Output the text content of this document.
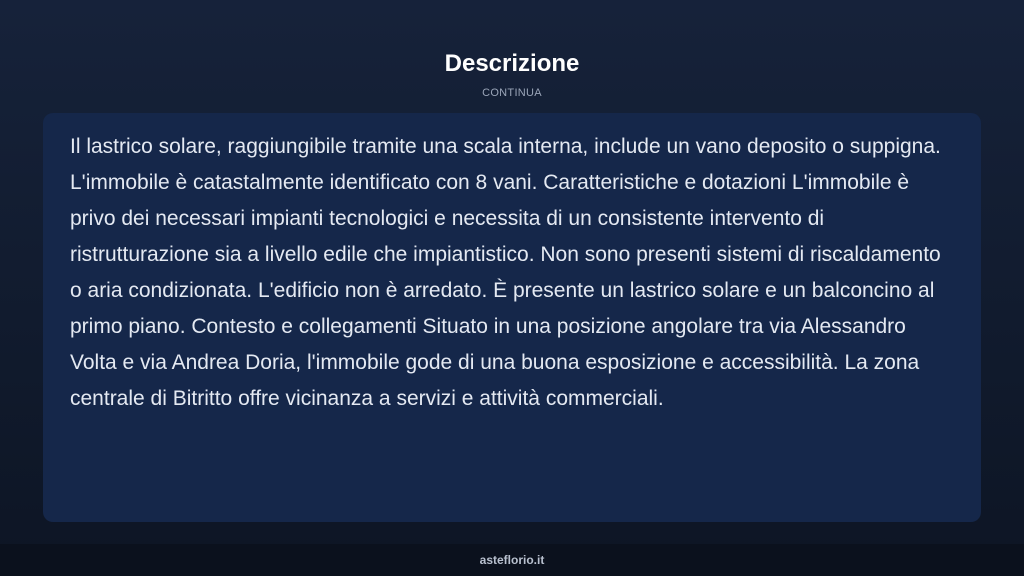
Descrizione
CONTINUA

Il lastrico solare, raggiungibile tramite una scala interna, include un vano deposito o suppigna. L'immobile è catastalmente identificato con 8 vani. Caratteristiche e dotazioni L'immobile è privo dei necessari impianti tecnologici e necessita di un consistente intervento di ristrutturazione sia a livello edile che impiantistico. Non sono presenti sistemi di riscaldamento o aria condizionata. L'edificio non è arredato. È presente un lastrico solare e un balconcino al primo piano. Contesto e collegamenti Situato in una posizione angolare tra via Alessandro Volta e via Andrea Doria, l'immobile gode di una buona esposizione e accessibilità. La zona centrale di Bitritto offre vicinanza a servizi e attività commerciali.

asteflorio.it
